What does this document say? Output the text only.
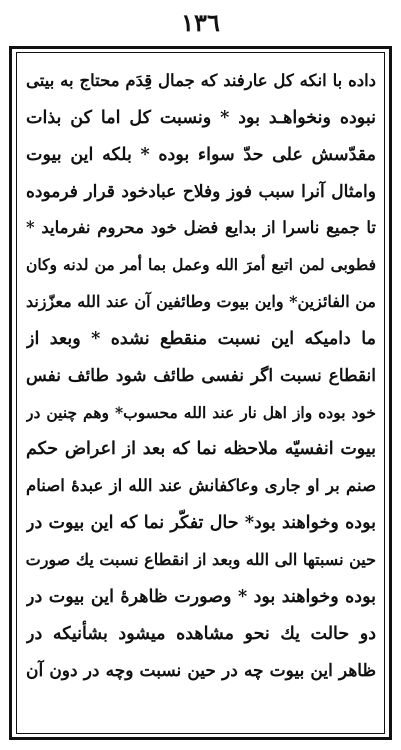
١٣٦
داده با انكه كل عارفند كه جمال قِدَم محتاج به بيتى
نبوده ونخواهـد بود * ونسبت كل اما كن بذات
مقدّسش على حدّ سواء بوده * بلكه اين بيوت
وامثال آنرا سبب فوز وفلاح عبادخود قرار فرموده
تا جميع ناسرا از بدايع فضل خود محروم نفرمايد *
فطوبى لمن اتبع أمرَ الله وعمل بما أمر من لدنه وكان
من الفائزين* واين بيوت وطائفين آن عند الله معزّزند
ما داميكه اين نسبت منقطع نشده * وبعد از
انقطاع نسبت اگر نفسى طائف شود طائف نفس
خود بوده واز اهل نار عند الله محسوب* وهم چنين در
بيوت انفسيّه ملاحظه نما كه بعد از اعراض حكم
صنم بر او جارى وعاكفانش عند الله از عبدهٔ اصنام
بوده وخواهند بود* حال تفكّر نما كه اين بيوت در
حين نسبتها الى الله وبعد از انقطاع نسبت يك صورت
بوده وخواهند بود * وصورت ظاهرهٔ اين بيوت در
دو حالت يك نحو مشاهده ميشود بشأنيكه در
ظاهر اين بيوت چه در حين نسبت وچه در دون آن
